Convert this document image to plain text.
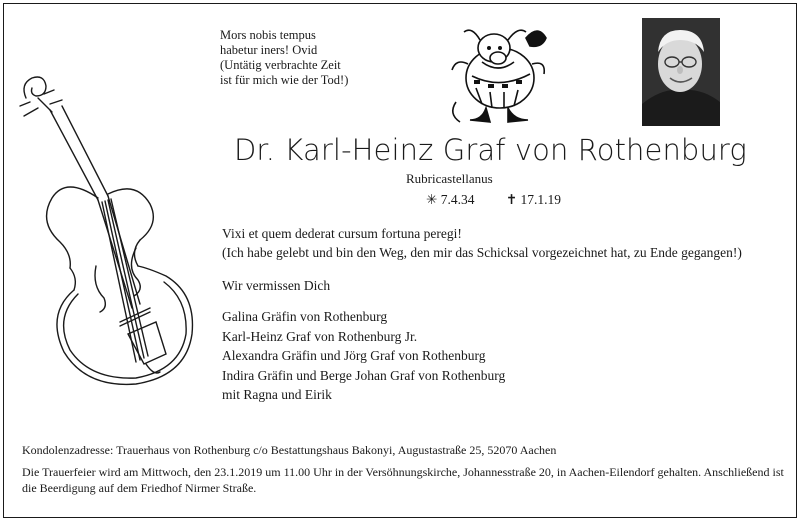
Mors nobis tempus
habetur iners! Ovid
(Untätig verbrachte Zeit
ist für mich wie der Tod!)
Dr. Karl-Heinz Graf von Rothenburg
Rubricastellanus
✳ 7.4.34 ✝ 17.1.19

Vixi et quem dederat cursum fortuna peregi!

(Ich habe gelebt und bin den Weg, den mir das Schicksal vorgezeichnet hat, zu Ende gegangen!)

Wir vermissen Dich

Galina Gräfin von Rothenburg
Karl-Heinz Graf von Rothenburg Jr.
Alexandra Gräfin und Jörg Graf von Rothenburg
Indira Gräfin und Berge Johan Graf von Rothenburg
mit Ragna und Eirik

Kondolenzadresse: Trauerhaus von Rothenburg c/o Bestattungshaus Bakonyi, Augustastraße 25, 52070 Aachen

Die Trauerfeier wird am Mittwoch, den 23.1.2019 um 11.00 Uhr in der Versöhnungskirche, Johannesstraße 20, in Aachen-Eilendorf gehalten. Anschließend ist die Beerdigung auf dem Friedhof Nirmer Straße.
